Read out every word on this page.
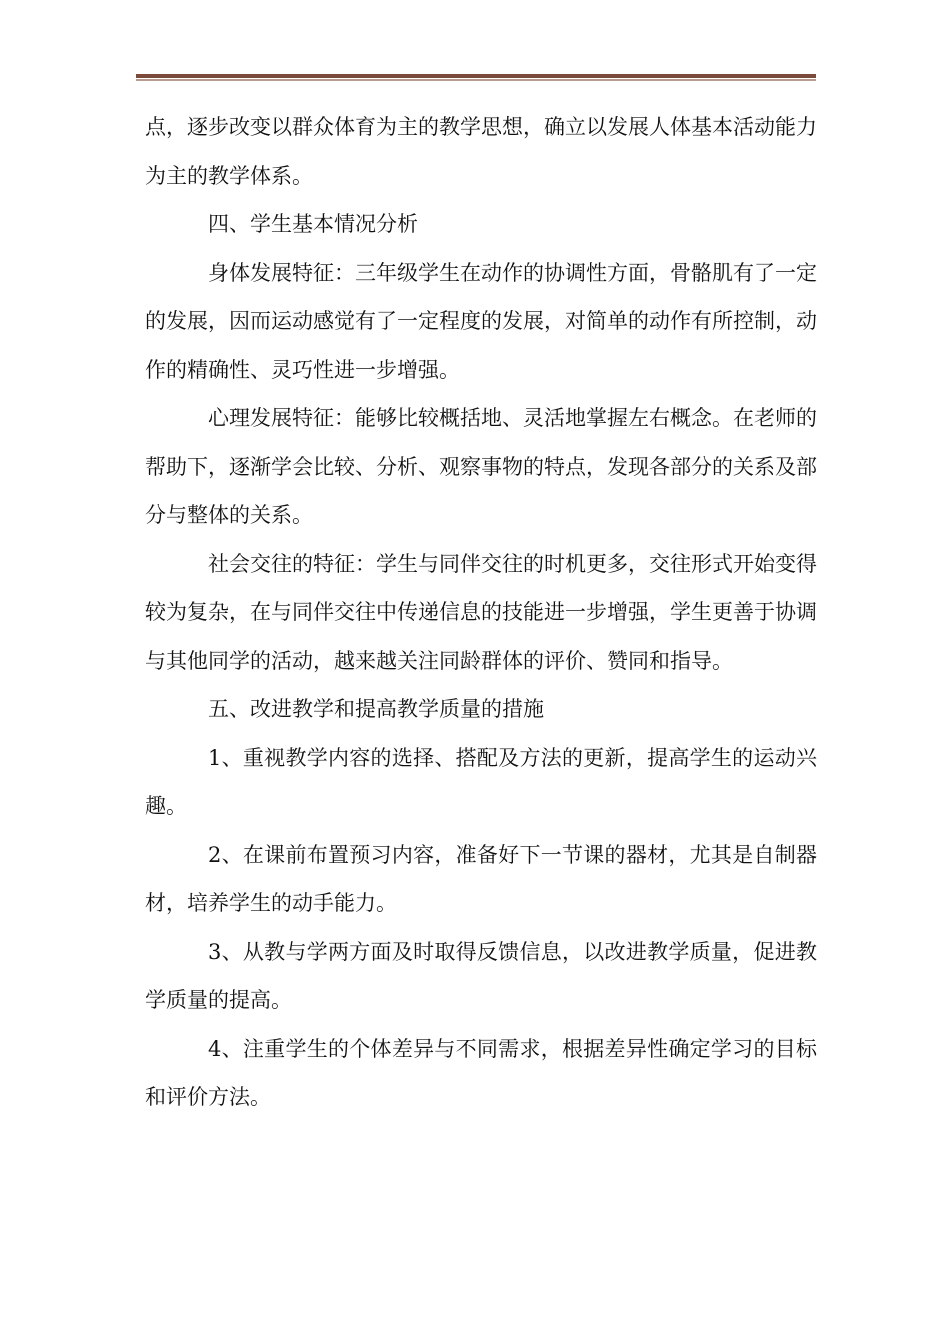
点，逐步改变以群众体育为主的教学思想，确立以发展人体基本活动能力为主的教学体系。

四、学生基本情况分析

身体发展特征：三年级学生在动作的协调性方面，骨骼肌有了一定的发展，因而运动感觉有了一定程度的发展，对简单的动作有所控制，动作的精确性、灵巧性进一步增强。

心理发展特征：能够比较概括地、灵活地掌握左右概念。在老师的帮助下，逐渐学会比较、分析、观察事物的特点，发现各部分的关系及部分与整体的关系。

社会交往的特征：学生与同伴交往的时机更多，交往形式开始变得较为复杂，在与同伴交往中传递信息的技能进一步增强，学生更善于协调与其他同学的活动，越来越关注同龄群体的评价、赞同和指导。

五、改进教学和提高教学质量的措施

1、重视教学内容的选择、搭配及方法的更新，提高学生的运动兴趣。

2、在课前布置预习内容，准备好下一节课的器材，尤其是自制器材，培养学生的动手能力。

3、从教与学两方面及时取得反馈信息，以改进教学质量，促进教学质量的提高。

4、注重学生的个体差异与不同需求，根据差异性确定学习的目标和评价方法。
